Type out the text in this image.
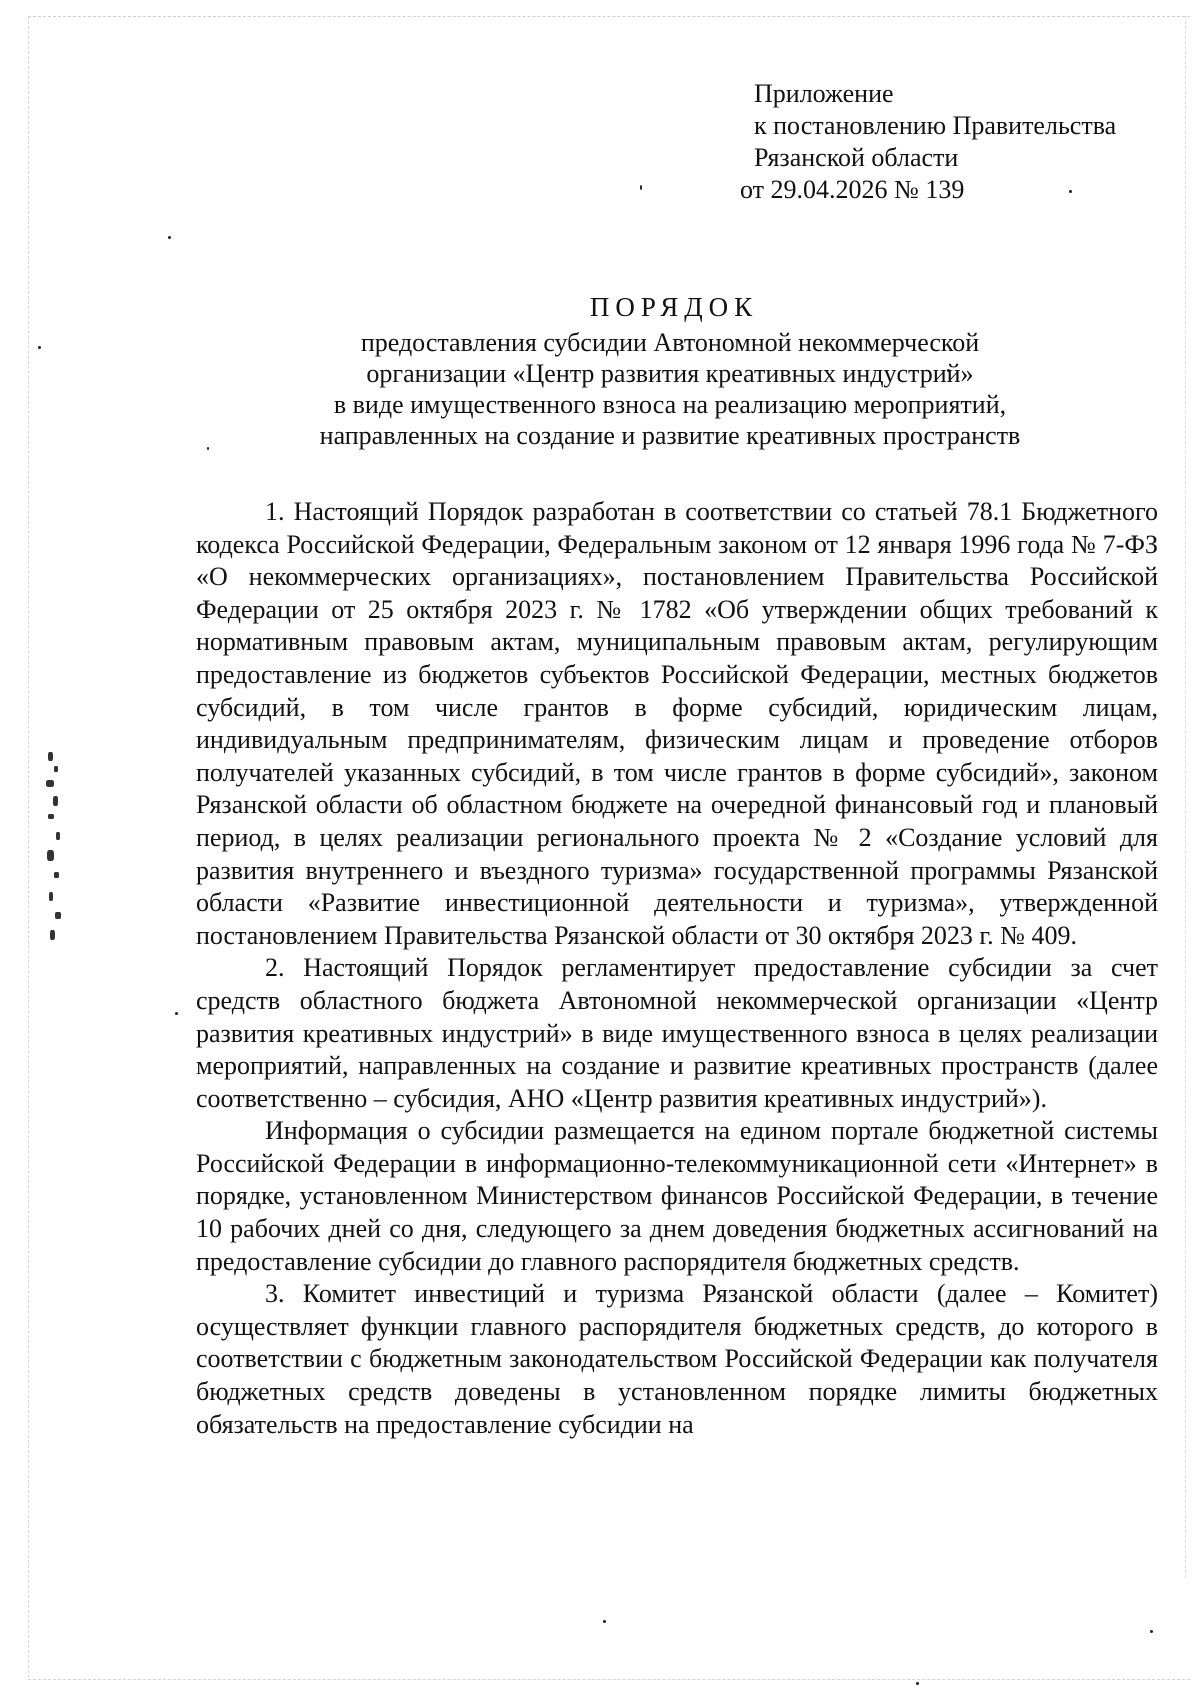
Приложение
к постановлению Правительства
Рязанской области
от 29.04.2026 № 139
ПОРЯДОК
предоставления субсидии Автономной некоммерческой
организации «Центр развития креативных индустрий»
в виде имущественного взноса на реализацию мероприятий,
направленных на создание и развитие креативных пространств

1. Настоящий Порядок разработан в соответствии со статьей 78.1 Бюджетного кодекса Российской Федерации, Федеральным законом от 12 января 1996 года № 7-ФЗ «О некоммерческих организациях», постановлением Правительства Российской Федерации от 25 октября 2023 г. № 1782 «Об утверждении общих требований к нормативным правовым актам, муниципальным правовым актам, регулирующим предоставление из бюджетов субъектов Российской Федерации, местных бюджетов субсидий, в том числе грантов в форме субсидий, юридическим лицам, индивидуальным предпринимателям, физическим лицам и проведение отборов получателей указанных субсидий, в том числе грантов в форме субсидий», законом Рязанской области об областном бюджете на очередной финансовый год и плановый период, в целях реализации регионального проекта № 2 «Создание условий для развития внутреннего и въездного туризма» государственной программы Рязанской области «Развитие инвестиционной деятельности и туризма», утвержденной постановлением Правительства Рязанской области от 30 октября 2023 г. № 409.

2. Настоящий Порядок регламентирует предоставление субсидии за счет средств областного бюджета Автономной некоммерческой организации «Центр развития креативных индустрий» в виде имущественного взноса в целях реализации мероприятий, направленных на создание и развитие креативных пространств (далее соответственно – субсидия, АНО «Центр развития креативных индустрий»).

Информация о субсидии размещается на едином портале бюджетной системы Российской Федерации в информационно-телекоммуникационной сети «Интернет» в порядке, установленном Министерством финансов Российской Федерации, в течение 10 рабочих дней со дня, следующего за днем доведения бюджетных ассигнований на предоставление субсидии до главного распорядителя бюджетных средств.

3. Комитет инвестиций и туризма Рязанской области (далее – Комитет) осуществляет функции главного распорядителя бюджетных средств, до которого в соответствии с бюджетным законодательством Российской Федерации как получателя бюджетных средств доведены в установленном порядке лимиты бюджетных обязательств на предоставление субсидии на
